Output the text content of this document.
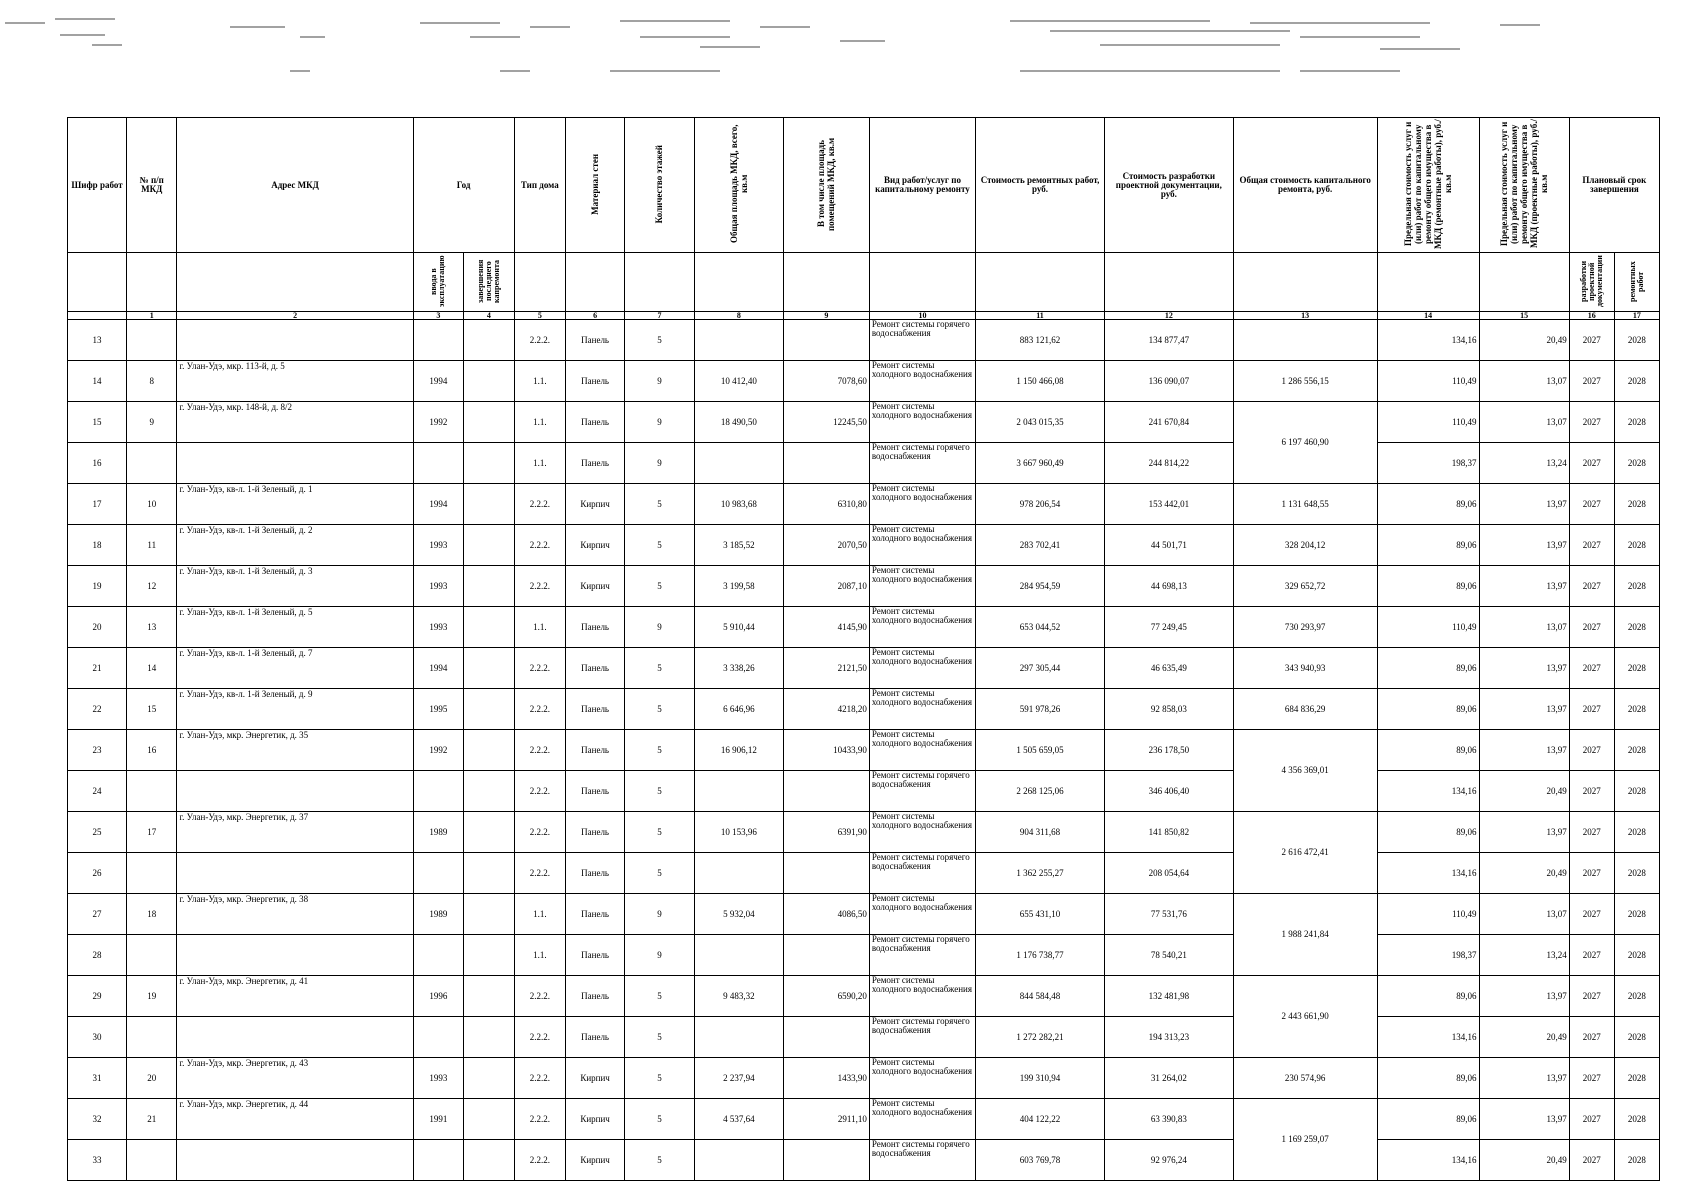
Шифр работ	№ п/п МКД	Адрес МКД	Год		Тип дома	Материал стен	Количество этажей	Общая площадь МКД, всего, кв.м	В том числе площадь помещений МКД, кв.м	Вид работ/услуг по капитальному ремонту	Стоимость ремонтных работ, руб.	Стоимость разработки проектной документации, руб.	Общая стоимость капитального ремонта, руб.	Предельная стоимость услуг и (или) работ по капитальному ремонту общего имущества в МКД (ремонтные работы), руб./кв.м	Предельная стоимость услуг и (или) работ по капитальному ремонту общего имущества в МКД (проектные работы), руб./кв.м	Плановый срок завершения	
			ввода в эксплуатацию	завершения последнего капремонта												разработки проектной документации	ремонтных работ
	1	2	3	4	5	6	7	8	9	10	11	12	13	14	15	16	17
13					2.2.2.	Панель	5			Ремонт системы горячего водоснабжения	883 121,62	134 877,47		134,16	20,49	2027	2028
14	8	г. Улан-Удэ, мкр. 113-й, д. 5	1994		1.1.	Панель	9	10 412,40	7078,60	Ремонт системы холодного водоснабжения	1 150 466,08	136 090,07	1 286 556,15	110,49	13,07	2027	2028
15	9	г. Улан-Удэ, мкр. 148-й, д. 8/2	1992		1.1.	Панель	9	18 490,50	12245,50	Ремонт системы холодного водоснабжения	2 043 015,35	241 670,84	6 197 460,90	110,49	13,07	2027	2028
16					1.1.	Панель	9			Ремонт системы горячего водоснабжения	3 667 960,49	244 814,22		198,37	13,24	2027	2028
17	10	г. Улан-Удэ, кв-л. 1-й Зеленый, д. 1	1994		2.2.2.	Кирпич	5	10 983,68	6310,80	Ремонт системы холодного водоснабжения	978 206,54	153 442,01	1 131 648,55	89,06	13,97	2027	2028
18	11	г. Улан-Удэ, кв-л. 1-й Зеленый, д. 2	1993		2.2.2.	Кирпич	5	3 185,52	2070,50	Ремонт системы холодного водоснабжения	283 702,41	44 501,71	328 204,12	89,06	13,97	2027	2028
19	12	г. Улан-Удэ, кв-л. 1-й Зеленый, д. 3	1993		2.2.2.	Кирпич	5	3 199,58	2087,10	Ремонт системы холодного водоснабжения	284 954,59	44 698,13	329 652,72	89,06	13,97	2027	2028
20	13	г. Улан-Удэ, кв-л. 1-й Зеленый, д. 5	1993		1.1.	Панель	9	5 910,44	4145,90	Ремонт системы холодного водоснабжения	653 044,52	77 249,45	730 293,97	110,49	13,07	2027	2028
21	14	г. Улан-Удэ, кв-л. 1-й Зеленый, д. 7	1994		2.2.2.	Панель	5	3 338,26	2121,50	Ремонт системы холодного водоснабжения	297 305,44	46 635,49	343 940,93	89,06	13,97	2027	2028
22	15	г. Улан-Удэ, кв-л. 1-й Зеленый, д. 9	1995		2.2.2.	Панель	5	6 646,96	4218,20	Ремонт системы холодного водоснабжения	591 978,26	92 858,03	684 836,29	89,06	13,97	2027	2028
23	16	г. Улан-Удэ, мкр. Энергетик, д. 35	1992		2.2.2.	Панель	5	16 906,12	10433,90	Ремонт системы холодного водоснабжения	1 505 659,05	236 178,50	4 356 369,01	89,06	13,97	2027	2028
24					2.2.2.	Панель	5			Ремонт системы горячего водоснабжения	2 268 125,06	346 406,40		134,16	20,49	2027	2028
25	17	г. Улан-Удэ, мкр. Энергетик, д. 37	1989		2.2.2.	Панель	5	10 153,96	6391,90	Ремонт системы холодного водоснабжения	904 311,68	141 850,82	2 616 472,41	89,06	13,97	2027	2028
26					2.2.2.	Панель	5			Ремонт системы горячего водоснабжения	1 362 255,27	208 054,64		134,16	20,49	2027	2028
27	18	г. Улан-Удэ, мкр. Энергетик, д. 38	1989		1.1.	Панель	9	5 932,04	4086,50	Ремонт системы холодного водоснабжения	655 431,10	77 531,76	1 988 241,84	110,49	13,07	2027	2028
28					1.1.	Панель	9			Ремонт системы горячего водоснабжения	1 176 738,77	78 540,21		198,37	13,24	2027	2028
29	19	г. Улан-Удэ, мкр. Энергетик, д. 41	1996		2.2.2.	Панель	5	9 483,32	6590,20	Ремонт системы холодного водоснабжения	844 584,48	132 481,98	2 443 661,90	89,06	13,97	2027	2028
30					2.2.2.	Панель	5			Ремонт системы горячего водоснабжения	1 272 282,21	194 313,23		134,16	20,49	2027	2028
31	20	г. Улан-Удэ, мкр. Энергетик, д. 43	1993		2.2.2.	Кирпич	5	2 237,94	1433,90	Ремонт системы холодного водоснабжения	199 310,94	31 264,02	230 574,96	89,06	13,97	2027	2028
32	21	г. Улан-Удэ, мкр. Энергетик, д. 44	1991		2.2.2.	Кирпич	5	4 537,64	2911,10	Ремонт системы холодного водоснабжения	404 122,22	63 390,83	1 169 259,07	89,06	13,97	2027	2028
33					2.2.2.	Кирпич	5			Ремонт системы горячего водоснабжения	603 769,78	92 976,24		134,16	20,49	2027	2028
